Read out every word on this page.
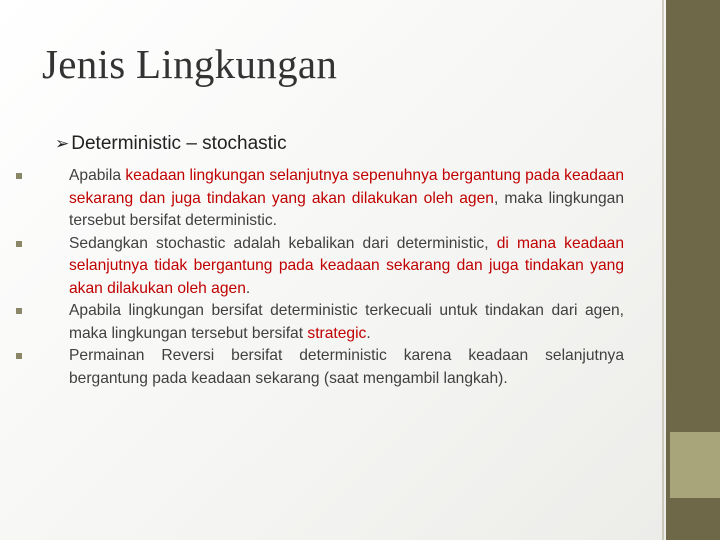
Jenis Lingkungan
➢ Deterministic – stochastic
Apabila keadaan lingkungan selanjutnya sepenuhnya bergantung pada keadaan sekarang dan juga tindakan yang akan dilakukan oleh agen, maka lingkungan tersebut bersifat deterministic.
Sedangkan stochastic adalah kebalikan dari deterministic, di mana keadaan selanjutnya tidak bergantung pada keadaan sekarang dan juga tindakan yang akan dilakukan oleh agen.
Apabila lingkungan bersifat deterministic terkecuali untuk tindakan dari agen, maka lingkungan tersebut bersifat strategic.
Permainan Reversi bersifat deterministic karena keadaan selanjutnya bergantung pada keadaan sekarang (saat mengambil langkah).
